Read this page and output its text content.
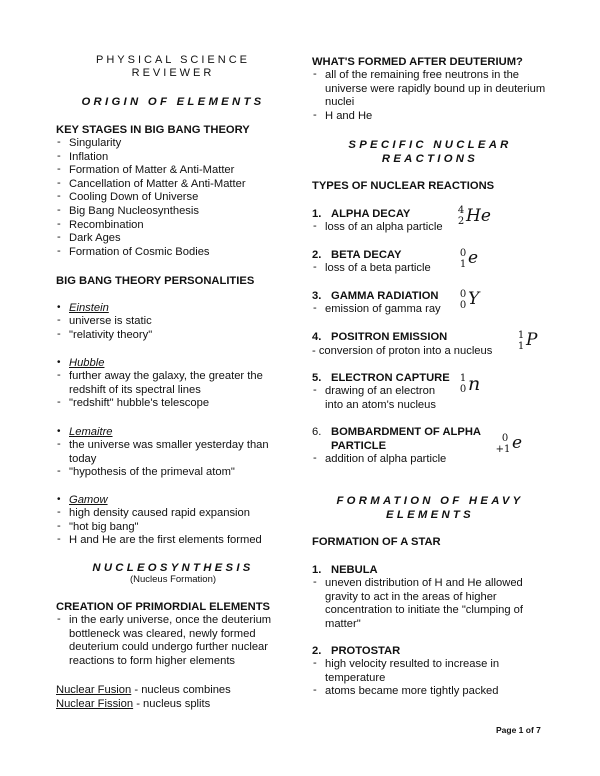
PHYSICAL SCIENCE
REVIEWER
ORIGIN OF ELEMENTS
KEY STAGES IN BIG BANG THEORY
- Singularity
- Inflation
- Formation of Matter & Anti-Matter
- Cancellation of Matter & Anti-Matter
- Cooling Down of Universe
- Big Bang Nucleosynthesis
- Recombination
- Dark Ages
- Formation of Cosmic Bodies
BIG BANG THEORY PERSONALITIES
• Einstein
- universe is static
- "relativity theory"
• Hubble
- further away the galaxy, the greater the redshift of its spectral lines
- "redshift" hubble's telescope
• Lemaitre
- the universe was smaller yesterday than today
- "hypothesis of the primeval atom"
• Gamow
- high density caused rapid expansion
- "hot big bang"
- H and He are the first elements formed
NUCLEOSYNTHESIS
(Nucleus Formation)
CREATION OF PRIMORDIAL ELEMENTS
- in the early universe, once the deuterium bottleneck was cleared, newly formed deuterium could undergo further nuclear reactions to form higher elements
Nuclear Fusion - nucleus combines
Nuclear Fission - nucleus splits
WHAT'S FORMED AFTER DEUTERIUM?
- all of the remaining free neutrons in the universe were rapidly bound up in deuterium nuclei
- H and He
SPECIFIC NUCLEAR
REACTIONS
TYPES OF NUCLEAR REACTIONS
1. ALPHA DECAY
- loss of an alpha particle
4
2 He
2. BETA DECAY
- loss of a beta particle
0
1 e
3. GAMMA RADIATION
- emission of gamma ray
0
0 Y
4. POSITRON EMISSION
- conversion of proton into a nucleus
1
1 P
5. ELECTRON CAPTURE
- drawing of an electron into an atom's nucleus
1
0 n
6. BOMBARDMENT OF ALPHA PARTICLE
- addition of alpha particle
0
+1 e
FORMATION OF HEAVY
ELEMENTS
FORMATION OF A STAR
1. NEBULA
- uneven distribution of H and He allowed gravity to act in the areas of higher concentration to initiate the "clumping of matter"
2. PROTOSTAR
- high velocity resulted to increase in temperature
- atoms became more tightly packed
Page 1 of 7
